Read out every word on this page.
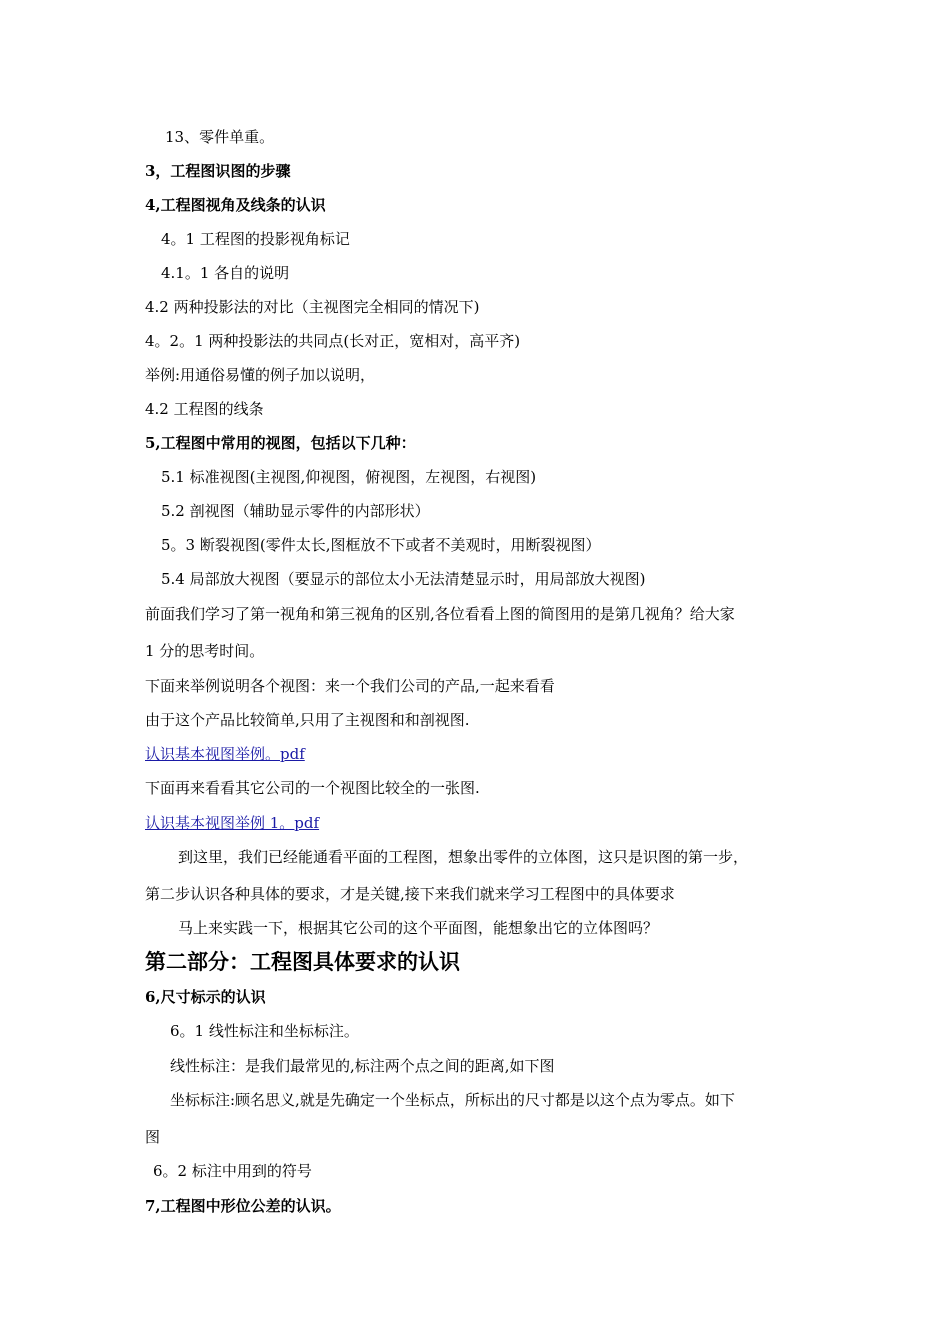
13、零件单重。
3，工程图识图的步骤
4,工程图视角及线条的认识
4。1 工程图的投影视角标记
4.1。1 各自的说明
4.2 两种投影法的对比（主视图完全相同的情况下)
4。2。1 两种投影法的共同点(长对正，宽相对，高平齐)
举例:用通俗易懂的例子加以说明，
4.2 工程图的线条
5,工程图中常用的视图，包括以下几种：
5.1 标准视图(主视图,仰视图，俯视图，左视图，右视图)
5.2 剖视图（辅助显示零件的内部形状）
5。3 断裂视图(零件太长,图框放不下或者不美观时，用断裂视图）
5.4 局部放大视图（要显示的部位太小无法清楚显示时，用局部放大视图)
前面我们学习了第一视角和第三视角的区别,各位看看上图的简图用的是第几视角？给大家
1 分的思考时间。
下面来举例说明各个视图：来一个我们公司的产品,一起来看看
由于这个产品比较简单,只用了主视图和和剖视图.
认识基本视图举例。pdf
下面再来看看其它公司的一个视图比较全的一张图.
认识基本视图举例 1。pdf
到这里，我们已经能通看平面的工程图，想象出零件的立体图，这只是识图的第一步，
第二步认识各种具体的要求，才是关键,接下来我们就来学习工程图中的具体要求
马上来实践一下，根据其它公司的这个平面图，能想象出它的立体图吗？
第二部分：工程图具体要求的认识
6,尺寸标示的认识
6。1 线性标注和坐标标注。
线性标注：是我们最常见的,标注两个点之间的距离,如下图
坐标标注:顾名思义,就是先确定一个坐标点，所标出的尺寸都是以这个点为零点。如下
图
6。2 标注中用到的符号
7,工程图中形位公差的认识。
